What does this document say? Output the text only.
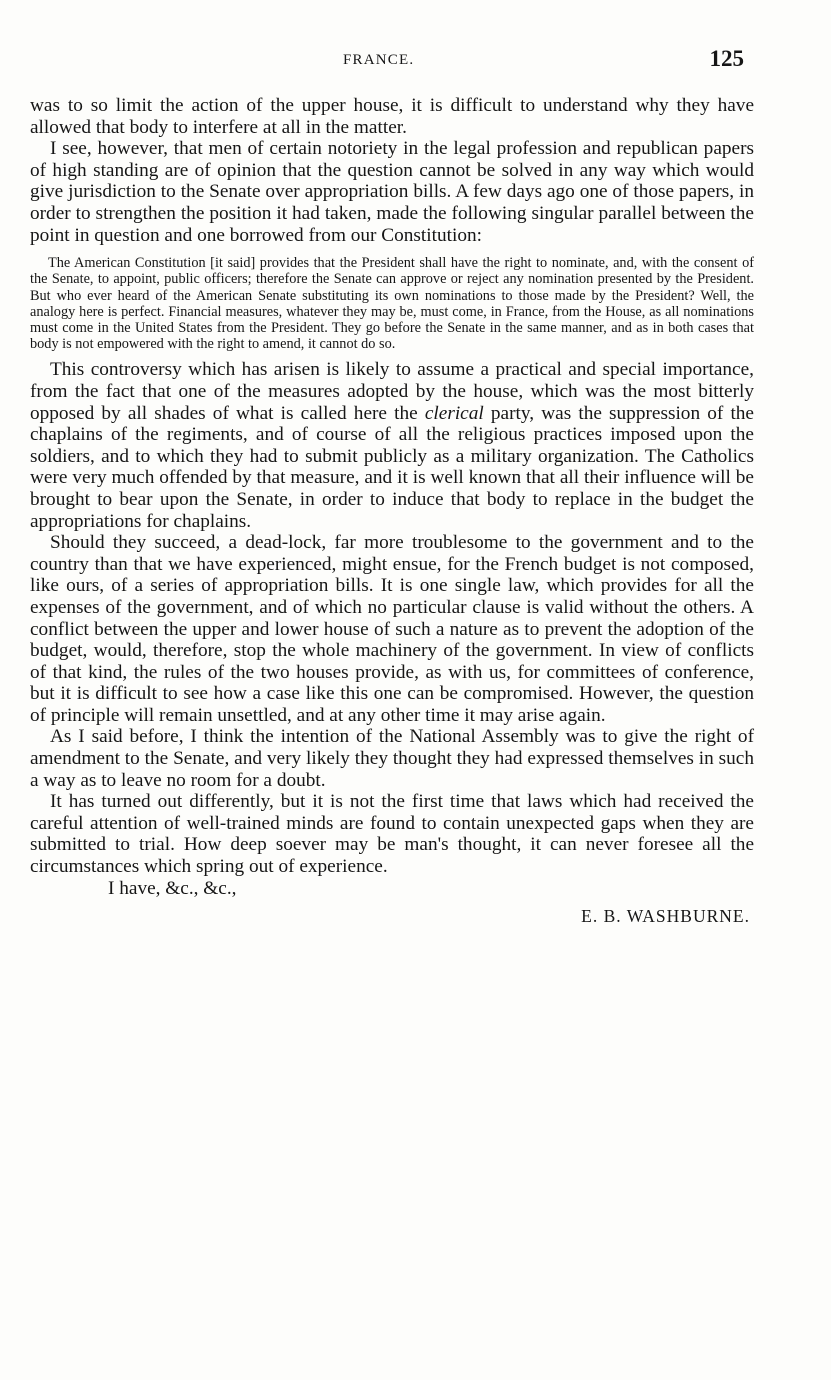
FRANCE.	125

was to so limit the action of the upper house, it is difficult to understand why they have allowed that body to interfere at all in the matter.

I see, however, that men of certain notoriety in the legal profession and republican papers of high standing are of opinion that the question cannot be solved in any way which would give jurisdiction to the Senate over appropriation bills. A few days ago one of those papers, in order to strengthen the position it had taken, made the following singular parallel between the point in question and one borrowed from our Constitution:

The American Constitution [it said] provides that the President shall have the right to nominate, and, with the consent of the Senate, to appoint, public officers; therefore the Senate can approve or reject any nomination presented by the President. But who ever heard of the American Senate substituting its own nominations to those made by the President? Well, the analogy here is perfect. Financial measures, whatever they may be, must come, in France, from the House, as all nominations must come in the United States from the President. They go before the Senate in the same manner, and as in both cases that body is not empowered with the right to amend, it cannot do so.

This controversy which has arisen is likely to assume a practical and special importance, from the fact that one of the measures adopted by the house, which was the most bitterly opposed by all shades of what is called here the clerical party, was the suppression of the chaplains of the regiments, and of course of all the religious practices imposed upon the soldiers, and to which they had to submit publicly as a military organization. The Catholics were very much offended by that measure, and it is well known that all their influence will be brought to bear upon the Senate, in order to induce that body to replace in the budget the appropriations for chaplains.

Should they succeed, a dead-lock, far more troublesome to the government and to the country than that we have experienced, might ensue, for the French budget is not composed, like ours, of a series of appropriation bills. It is one single law, which provides for all the expenses of the government, and of which no particular clause is valid without the others. A conflict between the upper and lower house of such a nature as to prevent the adoption of the budget, would, therefore, stop the whole machinery of the government. In view of conflicts of that kind, the rules of the two houses provide, as with us, for committees of conference, but it is difficult to see how a case like this one can be compromised. However, the question of principle will remain unsettled, and at any other time it may arise again.

As I said before, I think the intention of the National Assembly was to give the right of amendment to the Senate, and very likely they thought they had expressed themselves in such a way as to leave no room for a doubt.

It has turned out differently, but it is not the first time that laws which had received the careful attention of well-trained minds are found to contain unexpected gaps when they are submitted to trial. How deep soever may be man's thought, it can never foresee all the circumstances which spring out of experience.

I have, &c., &c.,

E. B. WASHBURNE.
